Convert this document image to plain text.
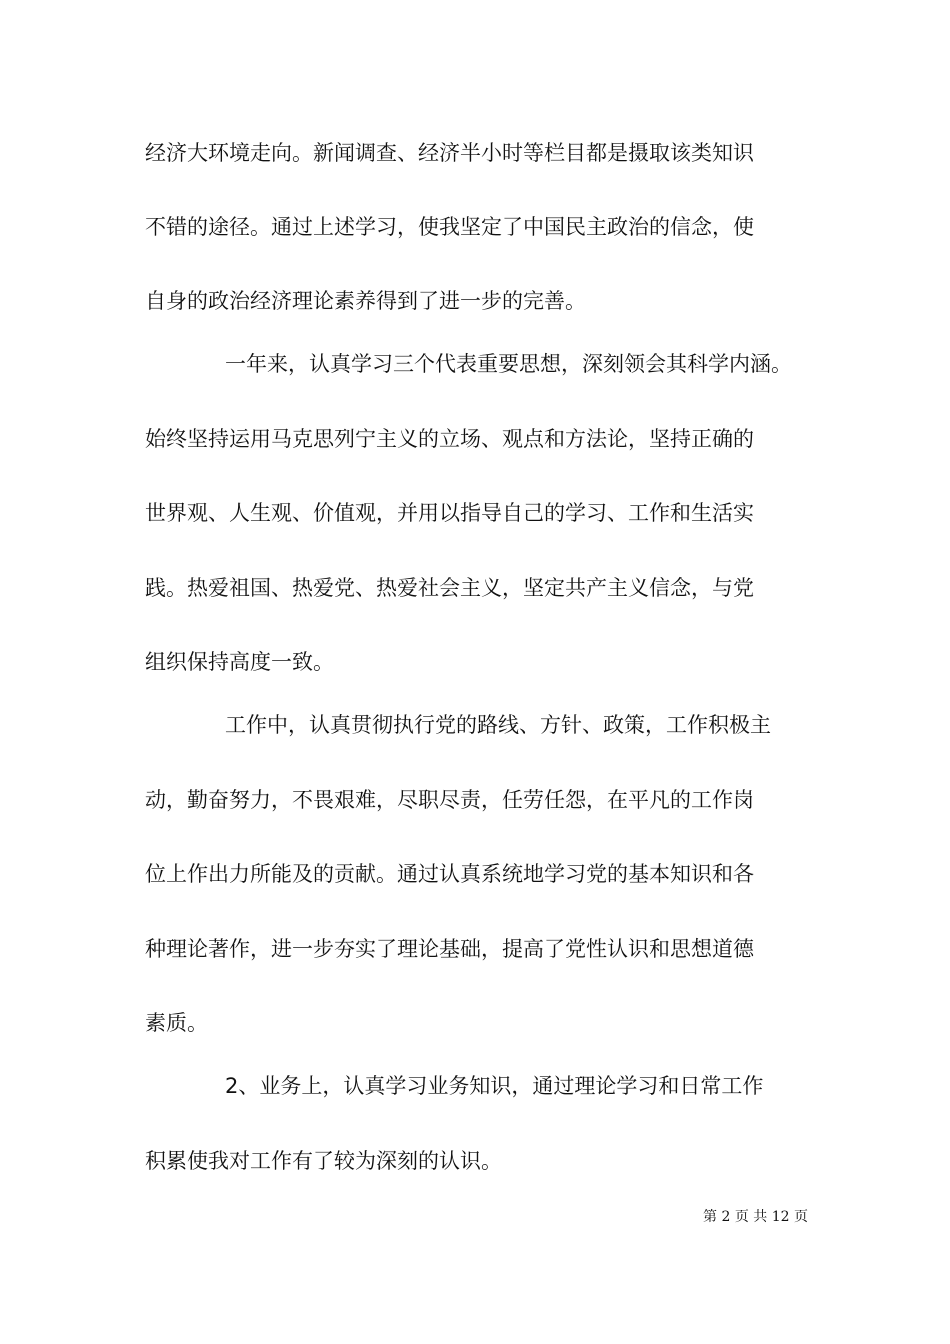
经济大环境走向。新闻调查、经济半小时等栏目都是摄取该类知识
不错的途径。通过上述学习，使我坚定了中国民主政治的信念，使
自身的政治经济理论素养得到了进一步的完善。
一年来，认真学习三个代表重要思想，深刻领会其科学内涵。
始终坚持运用马克思列宁主义的立场、观点和方法论，坚持正确的
世界观、人生观、价值观，并用以指导自己的学习、工作和生活实
践。热爱祖国、热爱党、热爱社会主义，坚定共产主义信念，与党
组织保持高度一致。
工作中，认真贯彻执行党的路线、方针、政策，工作积极主
动，勤奋努力，不畏艰难，尽职尽责，任劳任怨，在平凡的工作岗
位上作出力所能及的贡献。通过认真系统地学习党的基本知识和各
种理论著作，进一步夯实了理论基础，提高了党性认识和思想道德
素质。
2、业务上，认真学习业务知识，通过理论学习和日常工作
积累使我对工作有了较为深刻的认识。
第 2 页 共 12 页
